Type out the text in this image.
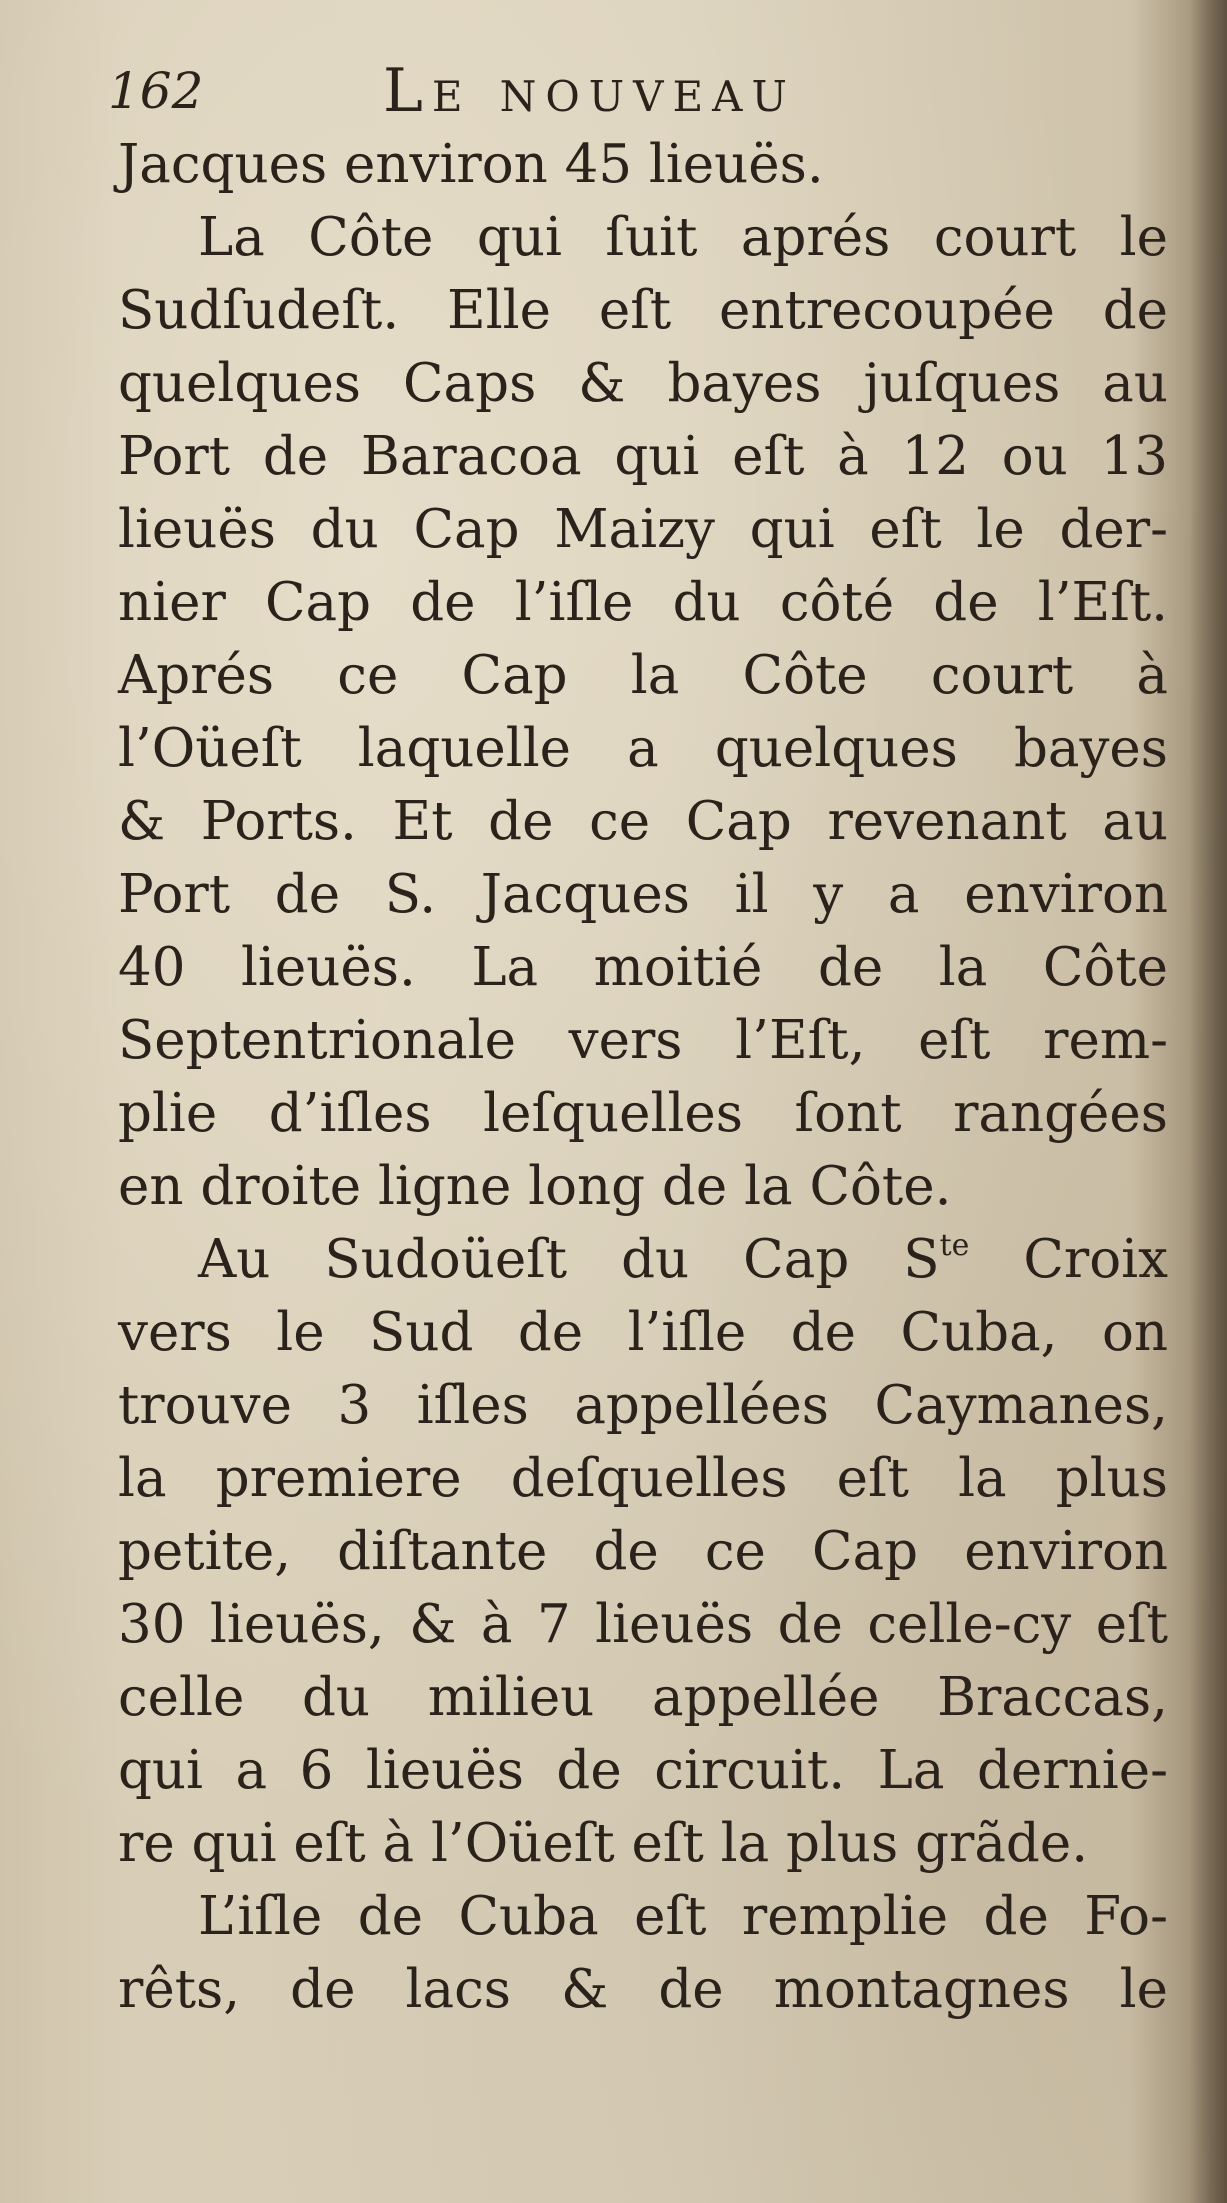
162	Le nouveau
Jacques environ 45 lieuës.
La Côte qui ſuit aprés court le
Sudſudeſt. Elle eſt entrecoupée de
quelques Caps & bayes juſques au
Port de Baracoa qui eſt à 12 ou 13
lieuës du Cap Maizy qui eſt le der-
nier Cap de l’iſle du côté de l’Eſt.
Aprés ce Cap la Côte court à
l’Oüeſt laquelle a quelques bayes
& Ports. Et de ce Cap revenant au
Port de S. Jacques il y a environ
40 lieuës. La moitié de la Côte
Septentrionale vers l’Eſt, eſt rem-
plie d’iſles leſquelles ſont rangées
en droite ligne long de la Côte.
Au Sudoüeſt du Cap $S^{te}$ Croix
vers le Sud de l’iſle de Cuba, on
trouve 3 iſles appellées Caymanes,
la premiere deſquelles eſt la plus
petite, diſtante de ce Cap environ
30 lieuës, & à 7 lieuës de celle-cy eſt
celle du milieu appellée Braccas,
qui a 6 lieuës de circuit. La dernie-
re qui eſt à l’Oüeſt eſt la plus grãde.
L’iſle de Cuba eſt remplie de Fo-
rêts, de lacs & de montagnes le
